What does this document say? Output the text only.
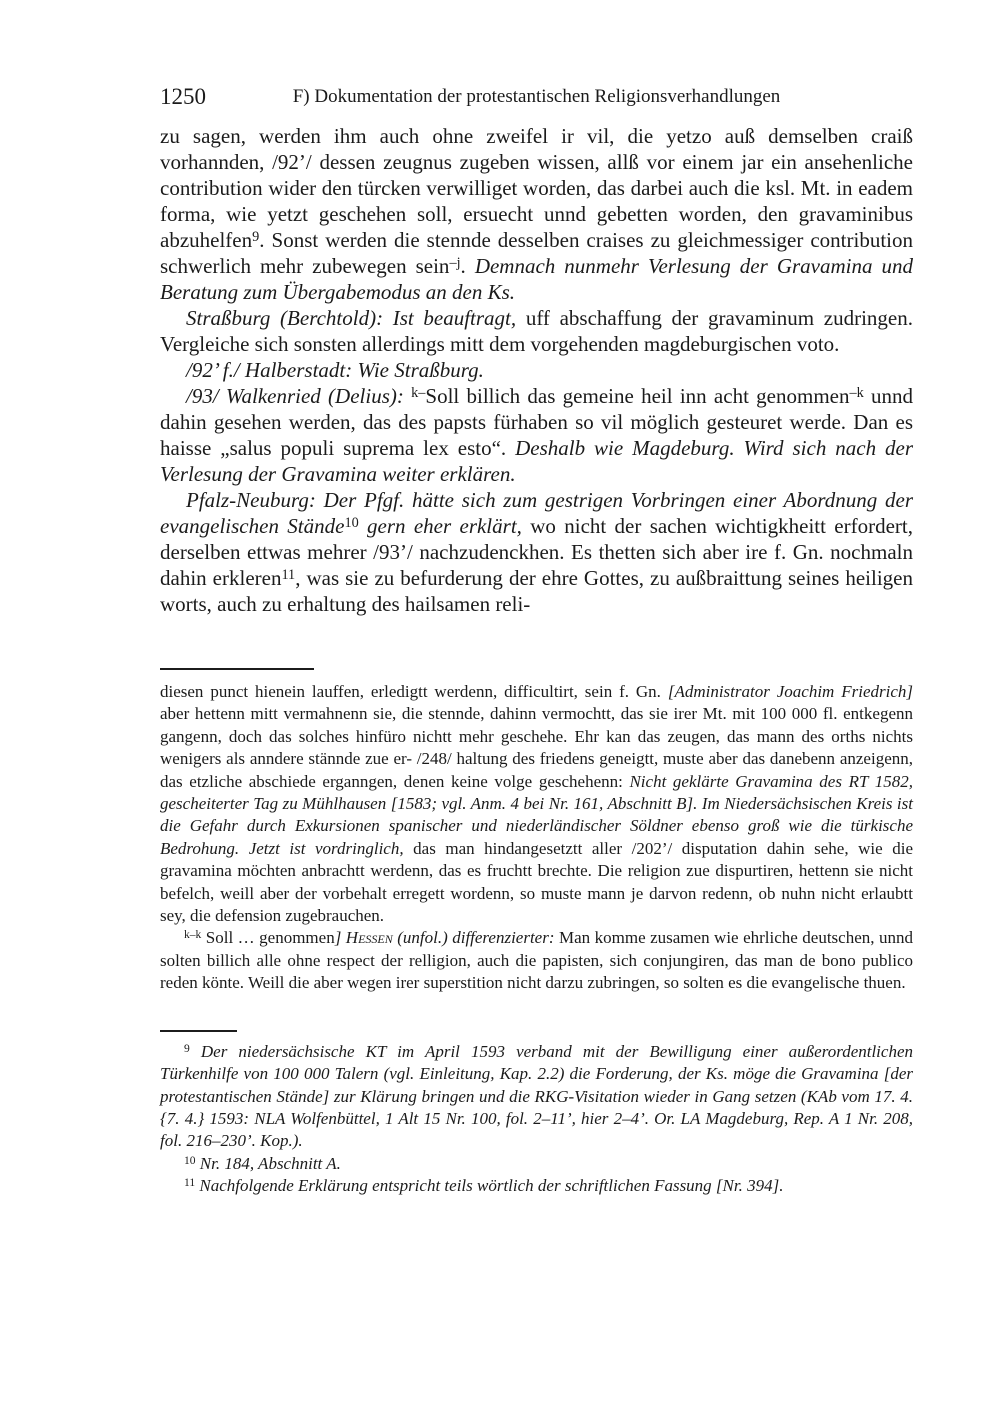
1250	F) Dokumentation der protestantischen Religionsverhandlungen

zu sagen, werden ihm auch ohne zweifel ir vil, die yetzo auß demselben craiß vorhannden, /92’/ dessen zeugnus zugeben wissen, allß vor einem jar ein ansehenliche contribution wider den türcken verwilliget worden, das darbei auch die ksl. Mt. in eadem forma, wie yetzt geschehen soll, ersuecht unnd gebetten worden, den gravaminibus abzuhelfen$^9$. Sonst werden die stennde desselben craises zu gleichmessiger contribution schwerlich mehr zubewegen sein$^{-j}$. Demnach nunmehr Verlesung der Gravamina und Beratung zum Übergabemodus an den Ks.

Straßburg (Berchtold): Ist beauftragt, uff abschaffung der gravaminum zudringen. Vergleiche sich sonsten allerdings mitt dem vorgehenden magdeburgischen voto.

/92’ f./ Halberstadt: Wie Straßburg.

/93/ Walkenried (Delius): $^{k-}$Soll billich das gemeine heil inn acht genommen$^{-k}$ unnd dahin gesehen werden, das des papsts fürhaben so vil möglich gesteuret werde. Dan es haisse „salus populi suprema lex esto“. Deshalb wie Magdeburg. Wird sich nach der Verlesung der Gravamina weiter erklären.

Pfalz-Neuburg: Der Pfgf. hätte sich zum gestrigen Vorbringen einer Abordnung der evangelischen Stände$^{10}$ gern eher erklärt, wo nicht der sachen wichtigkheitt erfordert, derselben ettwas mehrer /93’/ nachzudenckhen. Es thetten sich aber ire f. Gn. nochmaln dahin erkleren$^{11}$, was sie zu befurderung der ehre Gottes, zu außbraittung seines heiligen worts, auch zu erhaltung des hailsamen reli-

diesen punct hienein lauffen, erledigtt werdenn, difficultirt, sein f. Gn. [Administrator Joachim Friedrich] aber hettenn mitt vermahnenn sie, die stennde, dahinn vermochtt, das sie irer Mt. mit 100 000 fl. entkegenn gangenn, doch das solches hinfüro nichtt mehr geschehe. Ehr kan das zeugen, das mann des orths nichts wenigers als anndere stännde zue er- /248/ haltung des friedens geneigtt, muste aber das danebenn anzeigenn, das etzliche abschiede erganngen, denen keine volge geschehenn: Nicht geklärte Gravamina des RT 1582, gescheiterter Tag zu Mühlhausen [1583; vgl. Anm. 4 bei Nr. 161, Abschnitt B]. Im Niedersächsischen Kreis ist die Gefahr durch Exkursionen spanischer und niederländischer Söldner ebenso groß wie die türkische Bedrohung. Jetzt ist vordringlich, das man hindangesetztt aller /202’/ disputation dahin sehe, wie die gravamina möchten anbrachtt werdenn, das es fruchtt brechte. Die religion zue dispurtiren, hettenn sie nicht befelch, weill aber der vorbehalt erregett wordenn, so muste mann je darvon redenn, ob nuhn nicht erlaubtt sey, die defension zugebrauchen.

$^{k-k}$ Soll … genommen] Hessen (unfol.) differenzierter: Man komme zusamen wie ehrliche deutschen, unnd solten billich alle ohne respect der relligion, auch die papisten, sich conjungiren, das man de bono publico reden könte. Weill die aber wegen irer superstition nicht darzu zubringen, so solten es die evangelische thuen.

$^9$ Der niedersächsische KT im April 1593 verband mit der Bewilligung einer außerordentlichen Türkenhilfe von 100 000 Talern (vgl. Einleitung, Kap. 2.2) die Forderung, der Ks. möge die Gravamina [der protestantischen Stände] zur Klärung bringen und die RKG-Visitation wieder in Gang setzen (KAb vom 17. 4. {7. 4.} 1593: NLA Wolfenbüttel, 1 Alt 15 Nr. 100, fol. 2–11’, hier 2–4’. Or. LA Magdeburg, Rep. A 1 Nr. 208, fol. 216–230’. Kop.).

$^{10}$ Nr. 184, Abschnitt A.

$^{11}$ Nachfolgende Erklärung entspricht teils wörtlich der schriftlichen Fassung [Nr. 394].
